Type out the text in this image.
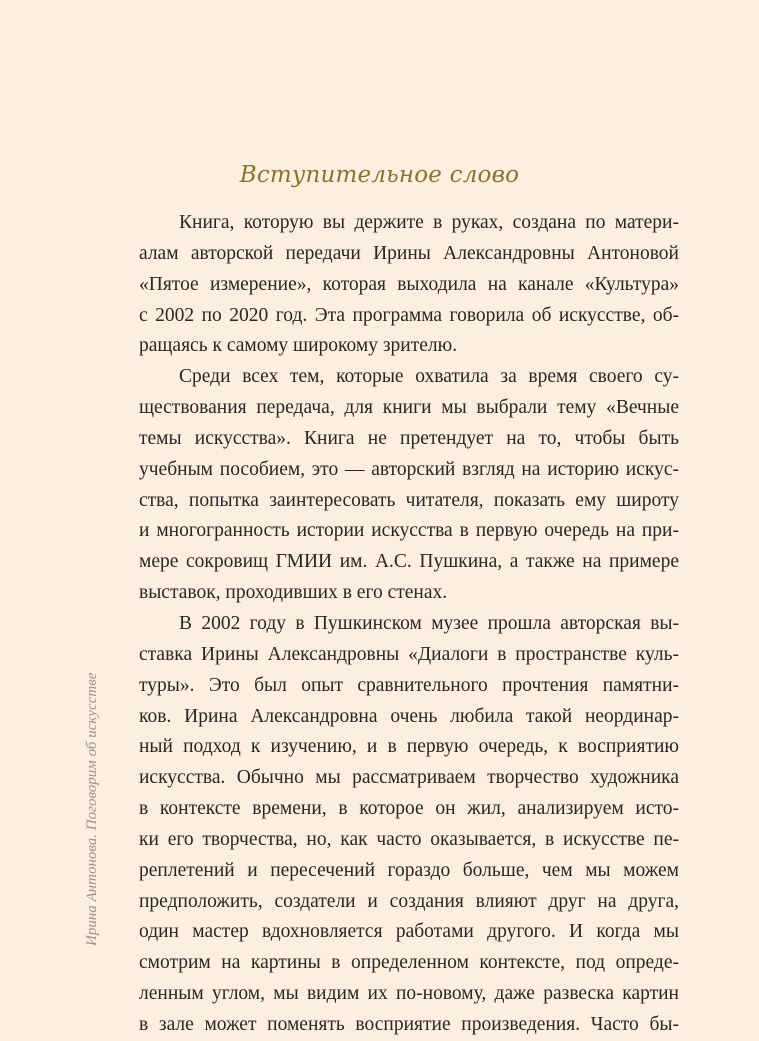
Вступительное слово
Книга, которую вы держите в руках, создана по матери-
алам авторской передачи Ирины Александровны Антоновой
«Пятое измерение», которая выходила на канале «Культура»
с 2002 по 2020 год. Эта программа говорила об искусстве, об-
ращаясь к самому широкому зрителю.
Среди всех тем, которые охватила за время своего су-
ществования передача, для книги мы выбрали тему «Вечные
темы искусства». Книга не претендует на то, чтобы быть
учебным пособием, это — авторский взгляд на историю искус-
ства, попытка заинтересовать читателя, показать ему широту
и многогранность истории искусства в первую очередь на при-
мере сокровищ ГМИИ им. А.С. Пушкина, а также на примере
выставок, проходивших в его стенах.
В 2002 году в Пушкинском музее прошла авторская вы-
ставка Ирины Александровны «Диалоги в пространстве куль-
туры». Это был опыт сравнительного прочтения памятни-
ков. Ирина Александровна очень любила такой неординар-
ный подход к изучению, и в первую очередь, к восприятию
искусства. Обычно мы рассматриваем творчество художника
в контексте времени, в которое он жил, анализируем исто-
ки его творчества, но, как часто оказывается, в искусстве пе-
реплетений и пересечений гораздо больше, чем мы можем
предположить, создатели и создания влияют друг на друга,
один мастер вдохновляется работами другого. И когда мы
смотрим на картины в определенном контексте, под опреде-
ленным углом, мы видим их по-новому, даже развеска картин
в зале может поменять восприятие произведения. Часто бы-
Ирина Антонова. Поговорим об искусстве
